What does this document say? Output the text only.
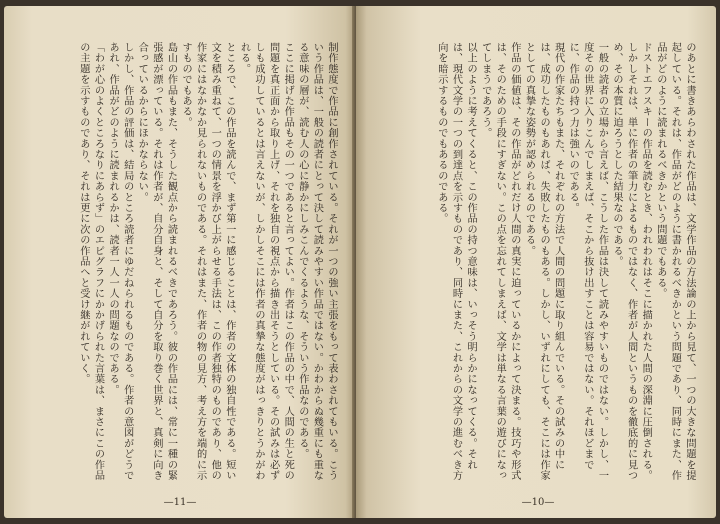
制作態度で作品に創作されている。それが一つの強い主張をもって表わされてもいる。こういう作品は、一般の読者にとって決して読みやすい作品ではない。かわからぬ幾重にも重なる意味の層が、読む人の心に静かにしみこんでくるような、そういう作品なのである。

ここに掲げた作品もその一つであると言ってよい。作者はこの作品の中で、人間の生と死の問題を真正面から取り上げ、それを独自の視点から描き出そうとしている。その試みは必ずしも成功しているとは言えないが、しかしそこには作者の真摯な態度がはっきりとうかがわれる。

ところで、この作品を読んで、まず第一に感じることは、作者の文体の独自性である。短い文を積み重ねて、一つの情景を浮かび上がらせる手法は、この作者独特のものであり、他の作家にはなかなか見られないものである。それはまた、作者の物の見方、考え方を端的に示すものでもある。

島山の作品もまた、そうした観点から読まれるべきであろう。彼の作品には、常に一種の緊張感が漂っている。それは作者が、自分自身と、そして自分を取り巻く世界と、真剣に向き合っているからにほかならない。

しかし、作品の評価は、結局のところ読者にゆだねられるものである。作者の意図がどうであれ、作品がどのように読まれるかは、読者一人一人の問題なのである。

「わが心のよくところなりにあらず」のエピグラフにかかげられた言葉は、まさにこの作品の主題を示すものであり、それは更に次の作品へと受け継がれていく。

—11—

のあとに書きあらわされた作品は、文学作品の方法論の上から見て、一つの大きな問題を提起している。それは、作品がどのように書かれるべきかという問題であり、同時にまた、作品がどのように読まれるべきかという問題でもある。

ドストエフスキーの作品を読むとき、われわれはそこに描かれた人間の深淵に圧倒される。しかしそれは、単に作者の筆力によるものではなく、作者が人間というものを徹底的に見つめ、その本質に迫ろうとした結果なのである。

一般の読者の立場から言えば、こうした作品は決して読みやすいものではない。しかし、一度その世界に入りこんでしまえば、そこから抜け出すことは容易ではない。それほどまでに、作品の持つ力は強いのである。

現代の作家たちもまた、それぞれの方法で人間の問題に取り組んでいる。その試みの中には、成功したものもあれば、失敗したものもある。しかし、いずれにしても、そこには作家としての真摯な姿勢が認められるのである。

作品の価値は、その作品がどれだけ人間の真実に迫っているかによって決まる。技巧や形式は、そのための手段にすぎない。この点を忘れてしまえば、文学は単なる言葉の遊びになってしまうであろう。

以上のように考えてくると、この作品の持つ意味は、いっそう明らかになってくる。それは、現代文学の一つの到達点を示すものであり、同時にまた、これからの文学の進むべき方向を暗示するものでもあるのである。

—10—
